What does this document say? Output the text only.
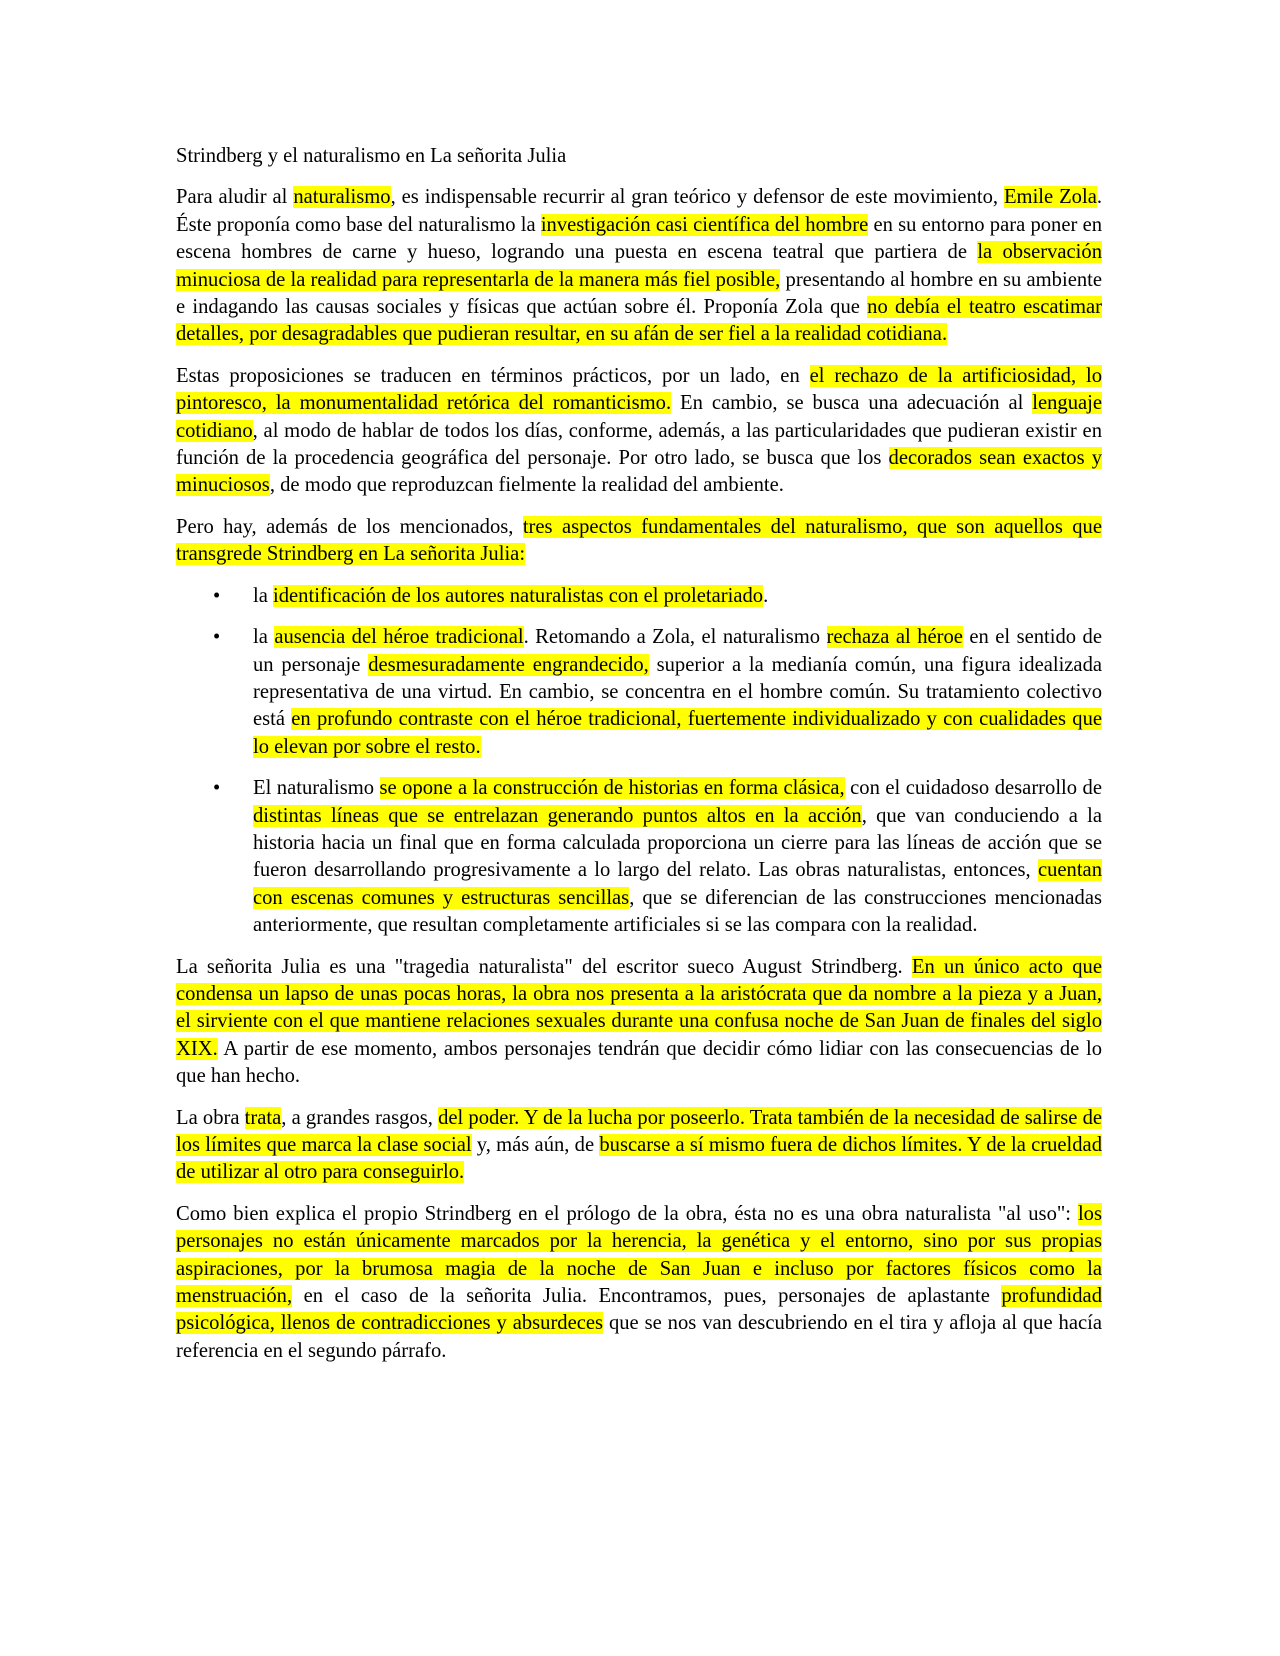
Strindberg y el naturalismo en La señorita Julia

Para aludir al naturalismo, es indispensable recurrir al gran teórico y defensor de este movimiento, Emile Zola. Éste proponía como base del naturalismo la investigación casi científica del hombre en su entorno para poner en escena hombres de carne y hueso, logrando una puesta en escena teatral que partiera de la observación minuciosa de la realidad para representarla de la manera más fiel posible, presentando al hombre en su ambiente e indagando las causas sociales y físicas que actúan sobre él. Proponía Zola que no debía el teatro escatimar detalles, por desagradables que pudieran resultar, en su afán de ser fiel a la realidad cotidiana.

Estas proposiciones se traducen en términos prácticos, por un lado, en el rechazo de la artificiosidad, lo pintoresco, la monumentalidad retórica del romanticismo. En cambio, se busca una adecuación al lenguaje cotidiano, al modo de hablar de todos los días, conforme, además, a las particularidades que pudieran existir en función de la procedencia geográfica del personaje. Por otro lado, se busca que los decorados sean exactos y minuciosos, de modo que reproduzcan fielmente la realidad del ambiente.

Pero hay, además de los mencionados, tres aspectos fundamentales del naturalismo, que son aquellos que transgrede Strindberg en La señorita Julia:

• la identificación de los autores naturalistas con el proletariado.
• la ausencia del héroe tradicional. Retomando a Zola, el naturalismo rechaza al héroe en el sentido de un personaje desmesuradamente engrandecido, superior a la medianía común, una figura idealizada representativa de una virtud. En cambio, se concentra en el hombre común. Su tratamiento colectivo está en profundo contraste con el héroe tradicional, fuertemente individualizado y con cualidades que lo elevan por sobre el resto.
• El naturalismo se opone a la construcción de historias en forma clásica, con el cuidadoso desarrollo de distintas líneas que se entrelazan generando puntos altos en la acción, que van conduciendo a la historia hacia un final que en forma calculada proporciona un cierre para las líneas de acción que se fueron desarrollando progresivamente a lo largo del relato. Las obras naturalistas, entonces, cuentan con escenas comunes y estructuras sencillas, que se diferencian de las construcciones mencionadas anteriormente, que resultan completamente artificiales si se las compara con la realidad.

La señorita Julia es una "tragedia naturalista" del escritor sueco August Strindberg. En un único acto que condensa un lapso de unas pocas horas, la obra nos presenta a la aristócrata que da nombre a la pieza y a Juan, el sirviente con el que mantiene relaciones sexuales durante una confusa noche de San Juan de finales del siglo XIX. A partir de ese momento, ambos personajes tendrán que decidir cómo lidiar con las consecuencias de lo que han hecho.

La obra trata, a grandes rasgos, del poder. Y de la lucha por poseerlo. Trata también de la necesidad de salirse de los límites que marca la clase social y, más aún, de buscarse a sí mismo fuera de dichos límites. Y de la crueldad de utilizar al otro para conseguirlo.

Como bien explica el propio Strindberg en el prólogo de la obra, ésta no es una obra naturalista "al uso": los personajes no están únicamente marcados por la herencia, la genética y el entorno, sino por sus propias aspiraciones, por la brumosa magia de la noche de San Juan e incluso por factores físicos como la menstruación, en el caso de la señorita Julia. Encontramos, pues, personajes de aplastante profundidad psicológica, llenos de contradicciones y absurdeces que se nos van descubriendo en el tira y afloja al que hacía referencia en el segundo párrafo.
